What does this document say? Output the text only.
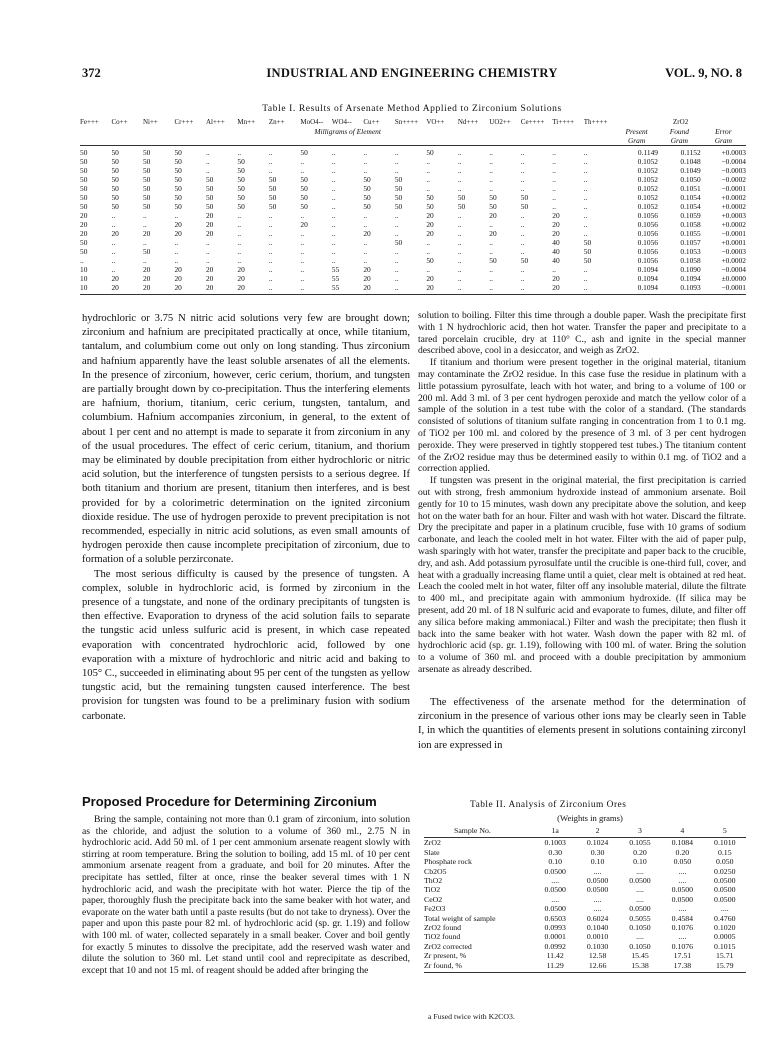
372	INDUSTRIAL AND ENGINEERING CHEMISTRY	VOL. 9, NO. 8
Table I. Results of Arsenate Method Applied to Zirconium Solutions
Fe+++	Co++	Ni++	Cr+++	Al+++	Mn++	Zn++	MoO4--	WO4--	Cu++	Sn++++	VO++	Nd+++	UO2++	Ce++++	Ti++++	Th++++	ZrO2		
Milligrams of Element																	Present	Found	Error
																	Gram	Gram	Gram
50	50	50	50	..	..	..	50	..	..	..	50	..	..	..	..	..	0.1149	0.1152	+0.0003
50	50	50	50	..	50	..	..	..	..	..	..	..	..	..	..	..	0.1052	0.1048	−0.0004
50	50	50	50	..	50	..	..	..	..	..	..	..	..	..	..	..	0.1052	0.1049	−0.0003
50	50	50	50	50	50	50	50	..	50	50	..	..	..	..	..	..	0.1052	0.1050	−0.0002
50	50	50	50	50	50	50	50	..	50	50	..	..	..	..	..	..	0.1052	0.1051	−0.0001
50	50	50	50	50	50	50	50	..	50	50	50	50	50	50	..	..	0.1052	0.1054	+0.0002
50	50	50	50	50	50	50	50	..	50	50	50	50	50	50	..	..	0.1052	0.1054	+0.0002
20	..	..	..	20	..	..	..	..	..	..	20	..	20	..	20	..	0.1056	0.1059	+0.0003
20	..	..	20	20	..	..	20	..	..	..	20	..	..	..	20	..	0.1056	0.1058	+0.0002
20	20	20	20	20	..	..	..	..	20	..	20	..	20	..	20	..	0.1056	0.1055	−0.0001
50	..	..	..	..	..	..	..	..	..	50	..	..	..	..	40	50	0.1056	0.1057	+0.0001
50	..	50	..	..	..	..	..	..	..	..	..	..	..	..	40	50	0.1056	0.1053	−0.0003
..	..	..	..	..	..	..	..	..	..	..	50	..	50	50	40	50	0.1056	0.1058	+0.0002
10	..	20	20	20	20	..	..	55	20	..	..	..	..	..	..	..	0.1094	0.1090	−0.0004
10	20	20	20	20	20	..	..	55	20	..	20	..	..	..	20	..	0.1094	0.1094	±0.0000
10	20	20	20	20	20	..	..	55	20	..	20	..	..	..	20	..	0.1094	0.1093	−0.0001

hydrochloric or 3.75 N nitric acid solutions very few are brought down; zirconium and hafnium are precipitated practically at once, while titanium, tantalum, and columbium come out only on long standing. Thus zirconium and hafnium apparently have the least soluble arsenates of all the elements. In the presence of zirconium, however, ceric cerium, thorium, and tungsten are partially brought down by co-precipitation. Thus the interfering elements are hafnium, thorium, titanium, ceric cerium, tungsten, tantalum, and columbium. Hafnium accompanies zirconium, in general, to the extent of about 1 per cent and no attempt is made to separate it from zirconium in any of the usual procedures. The effect of ceric cerium, titanium, and thorium may be eliminated by double precipitation from either hydrochloric or nitric acid solution, but the interference of tungsten persists to a serious degree. If both titanium and thorium are present, titanium then interferes, and is best provided for by a colorimetric determination on the ignited zirconium dioxide residue. The use of hydrogen peroxide to prevent precipitation is not recommended, especially in nitric acid solutions, as even small amounts of hydrogen peroxide then cause incomplete precipitation of zirconium, due to formation of a soluble perzirconate.

The most serious difficulty is caused by the presence of tungsten. A complex, soluble in hydrochloric acid, is formed by zirconium in the presence of a tungstate, and none of the ordinary precipitants of tungsten is then effective. Evaporation to dryness of the acid solution fails to separate the tungstic acid unless sulfuric acid is present, in which case repeated evaporation with concentrated hydrochloric acid, followed by one evaporation with a mixture of hydrochloric and nitric acid and baking to 105° C., succeeded in eliminating about 95 per cent of the tungsten as yellow tungstic acid, but the remaining tungsten caused interference. The best provision for tungsten was found to be a preliminary fusion with sodium carbonate.

Proposed Procedure for Determining Zirconium

Bring the sample, containing not more than 0.1 gram of zirconium, into solution as the chloride, and adjust the solution to a volume of 360 ml., 2.75 N in hydrochloric acid. Add 50 ml. of 1 per cent ammonium arsenate reagent slowly with stirring at room temperature. Bring the solution to boiling, add 15 ml. of 10 per cent ammonium arsenate reagent from a graduate, and boil for 20 minutes. After the precipitate has settled, filter at once, rinse the beaker several times with 1 N hydrochloric acid, and wash the precipitate with hot water. Pierce the tip of the paper, thoroughly flush the precipitate back into the same beaker with hot water, and evaporate on the water bath until a paste results (but do not take to dryness). Over the paper and upon this paste pour 82 ml. of hydrochloric acid (sp. gr. 1.19) and follow with 100 ml. of water, collected separately in a small beaker. Cover and boil gently for exactly 5 minutes to dissolve the precipitate, add the reserved wash water and dilute the solution to 360 ml. Let stand until cool and reprecipitate as described, except that 10 and not 15 ml. of reagent should be added after bringing the

solution to boiling. Filter this time through a double paper. Wash the precipitate first with 1 N hydrochloric acid, then hot water. Transfer the paper and precipitate to a tared porcelain crucible, dry at 110° C., ash and ignite in the special manner described above, cool in a desiccator, and weigh as ZrO2.

If titanium and thorium were present together in the original material, titanium may contaminate the ZrO2 residue. In this case fuse the residue in platinum with a little potassium pyrosulfate, leach with hot water, and bring to a volume of 100 or 200 ml. Add 3 ml. of 3 per cent hydrogen peroxide and match the yellow color of a sample of the solution in a test tube with the color of a standard. (The standards consisted of solutions of titanium sulfate ranging in concentration from 1 to 0.1 mg. of TiO2 per 100 ml. and colored by the presence of 3 ml. of 3 per cent hydrogen peroxide. They were preserved in tightly stoppered test tubes.) The titanium content of the ZrO2 residue may thus be determined easily to within 0.1 mg. of TiO2 and a correction applied.

If tungsten was present in the original material, the first precipitation is carried out with strong, fresh ammonium hydroxide instead of ammonium arsenate. Boil gently for 10 to 15 minutes, wash down any precipitate above the solution, and keep hot on the water bath for an hour. Filter and wash with hot water. Discard the filtrate. Dry the precipitate and paper in a platinum crucible, fuse with 10 grams of sodium carbonate, and leach the cooled melt in hot water. Filter with the aid of paper pulp, wash sparingly with hot water, transfer the precipitate and paper back to the crucible, dry, and ash. Add potassium pyrosulfate until the crucible is one-third full, cover, and heat with a gradually increasing flame until a quiet, clear melt is obtained at red heat. Leach the cooled melt in hot water, filter off any insoluble material, dilute the filtrate to 400 ml., and precipitate again with ammonium hydroxide. (If silica may be present, add 20 ml. of 18 N sulfuric acid and evaporate to fumes, dilute, and filter off any silica before making ammoniacal.) Filter and wash the precipitate; then flush it back into the same beaker with hot water. Wash down the paper with 82 ml. of hydrochloric acid (sp. gr. 1.19), following with 100 ml. of water. Bring the solution to a volume of 360 ml. and proceed with a double precipitation by ammonium arsenate as already described.

The effectiveness of the arsenate method for the determination of zirconium in the presence of various other ions may be clearly seen in Table I, in which the quantities of elements present in solutions containing zirconyl ion are expressed in

Table II. Analysis of Zirconium Ores
(Weights in grams)
Sample No.	1a	2	3	4	5
ZrO2	0.1003	0.1024	0.1055	0.1084	0.1010
Slate	0.30	0.30	0.20	0.20	0.15
Phosphate rock	0.10	0.10	0.10	0.050	0.050
Cb2O5	0.0500	....	....	....	0.0250
ThO2	....	0.0500	0.0500	....	0.0500
TiO2	0.0500	0.0500	....	0.0500	0.0500
CeO2	....	....	....	0.0500	0.0500
Fe2O3	0.0500	....	0.0500	....	....
Total weight of sample	0.6503	0.6024	0.5055	0.4584	0.4760
ZrO2 found	0.0993	0.1040	0.1050	0.1076	0.1020
TiO2 found	0.0001	0.0010	....	....	0.0005
ZrO2 corrected	0.0992	0.1030	0.1050	0.1076	0.1015
Zr present, %	11.42	12.58	15.45	17.51	15.71
Zr found, %	11.29	12.66	15.38	17.38	15.79
a Fused twice with K2CO3.
